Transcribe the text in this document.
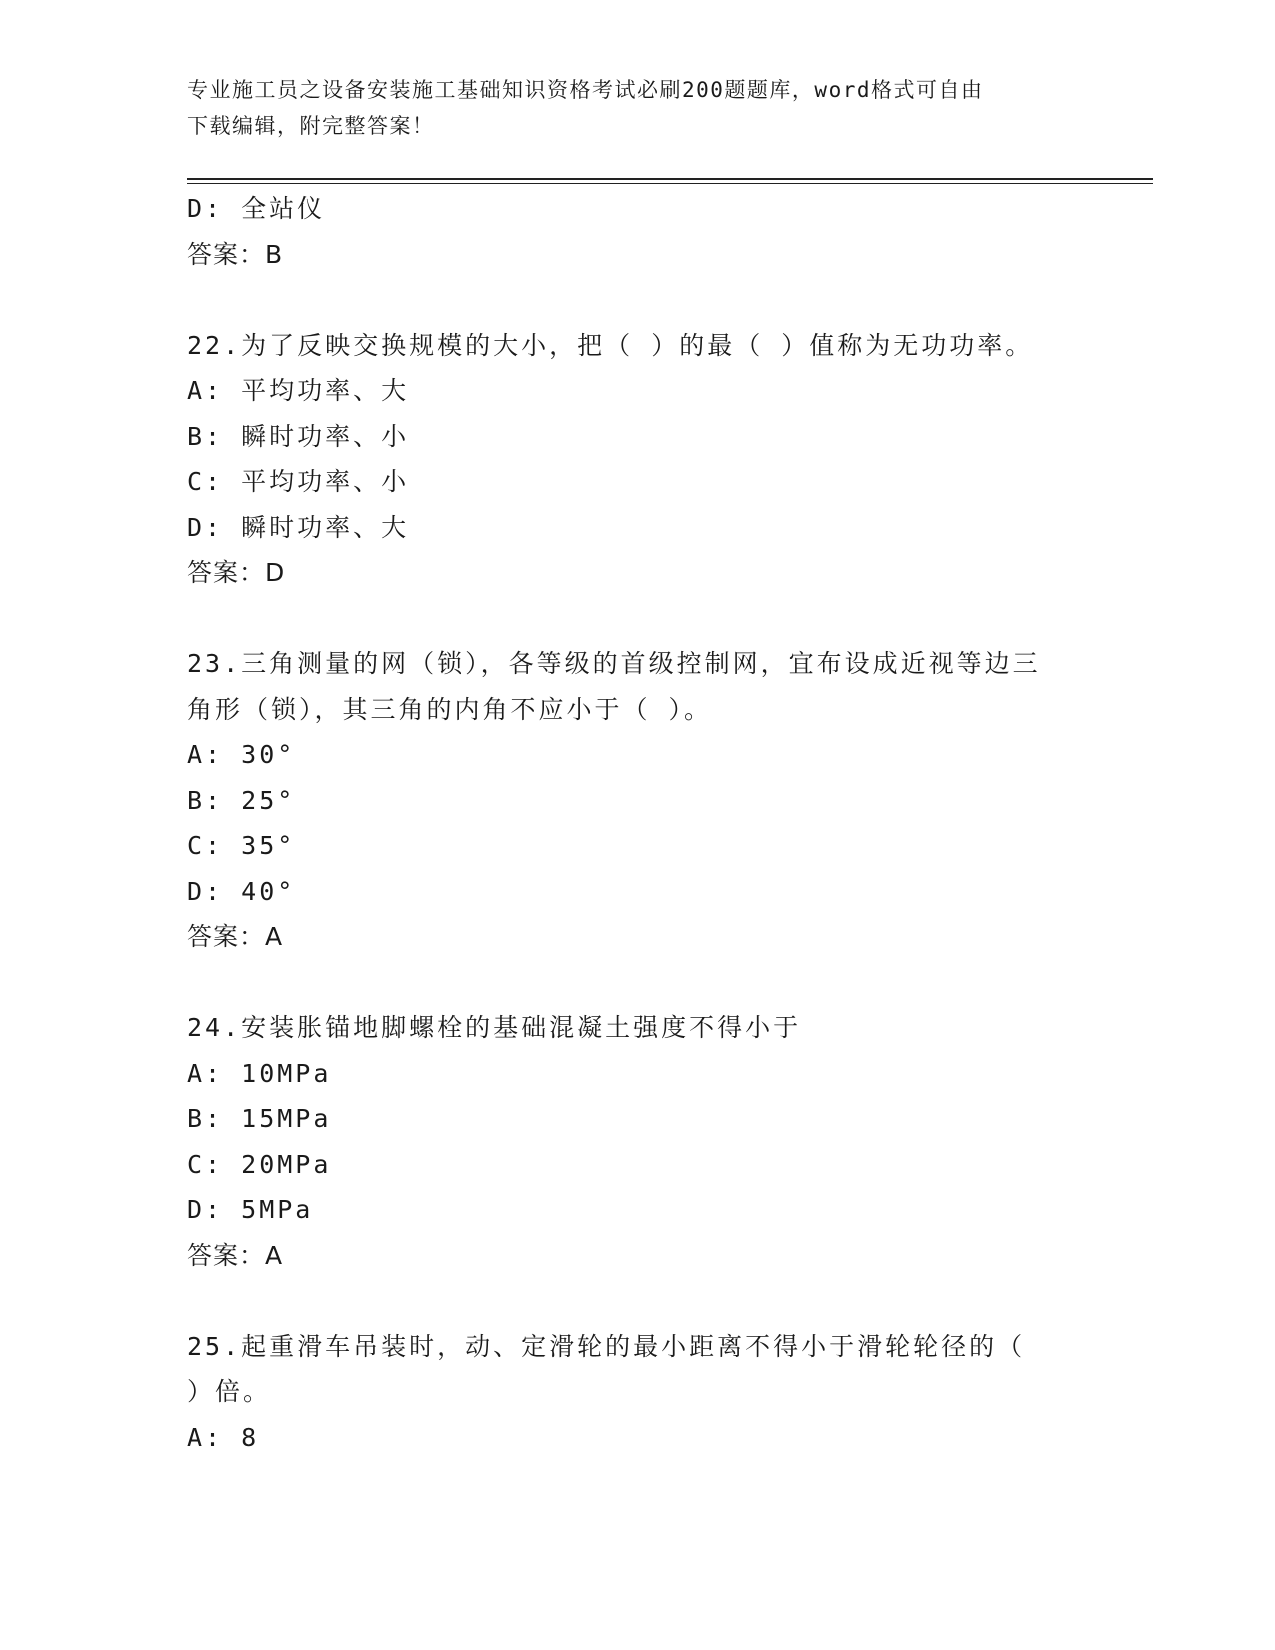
专业施工员之设备安装施工基础知识资格考试必刷200题题库，word格式可自由
下载编辑，附完整答案！
D: 全站仪
答案：B
22.为了反映交换规模的大小，把（ ）的最（ ）值称为无功功率。
A: 平均功率、大
B: 瞬时功率、小
C: 平均功率、小
D: 瞬时功率、大
答案：D
23.三角测量的网（锁），各等级的首级控制网，宜布设成近视等边三
角形（锁），其三角的内角不应小于（ ）。
A: 30°
B: 25°
C: 35°
D: 40°
答案：A
24.安装胀锚地脚螺栓的基础混凝土强度不得小于
A: 10MPa
B: 15MPa
C: 20MPa
D: 5MPa
答案：A
25.起重滑车吊装时，动、定滑轮的最小距离不得小于滑轮轮径的（
）倍。
A: 8
